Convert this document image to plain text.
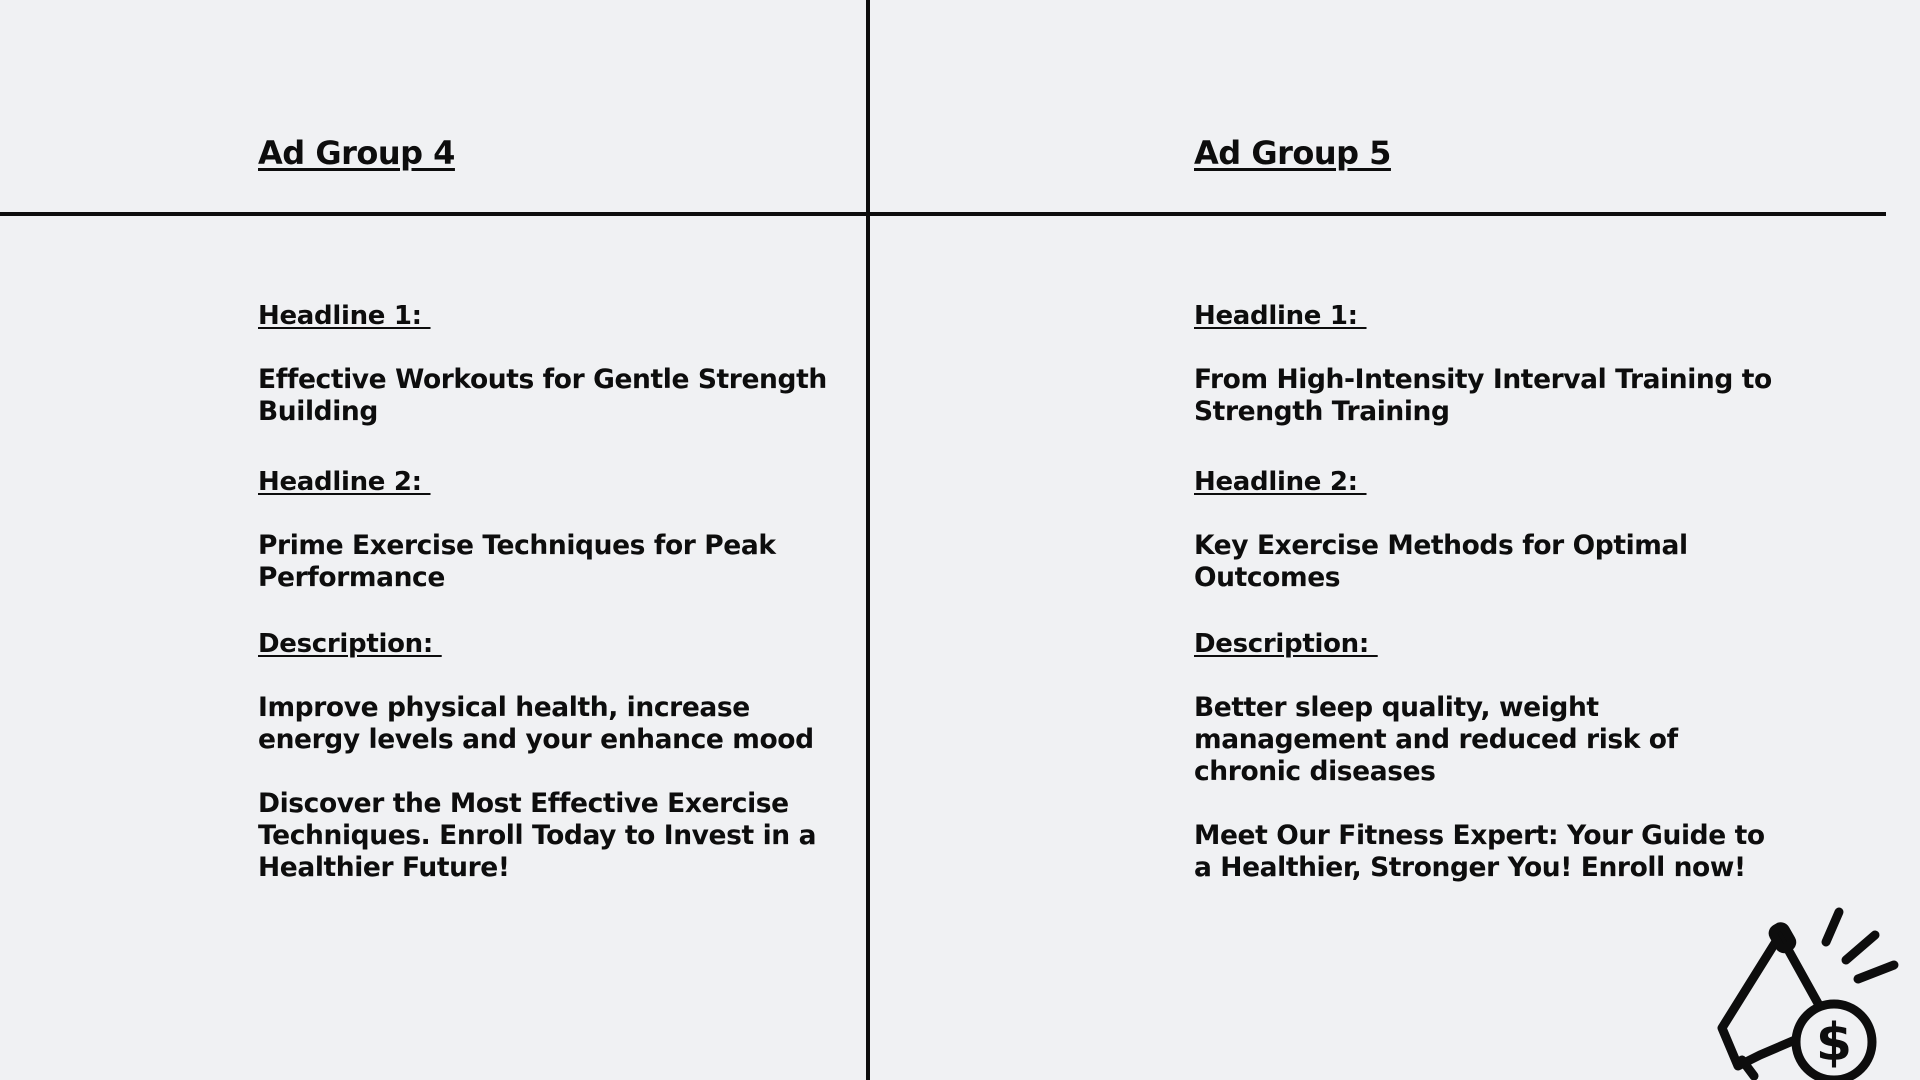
Ad Group 4

Headline 1:

Effective Workouts for Gentle Strength Building

Headline 2:

Prime Exercise Techniques for Peak Performance

Description:

Improve physical health, increase energy levels and your enhance mood

Discover the Most Effective Exercise Techniques. Enroll Today to Invest in a Healthier Future!

Ad Group 5

Headline 1:

From High-Intensity Interval Training to Strength Training

Headline 2:

Key Exercise Methods for Optimal Outcomes

Description:

Better sleep quality, weight management and reduced risk of chronic diseases

Meet Our Fitness Expert: Your Guide to a Healthier, Stronger You! Enroll now!

$
